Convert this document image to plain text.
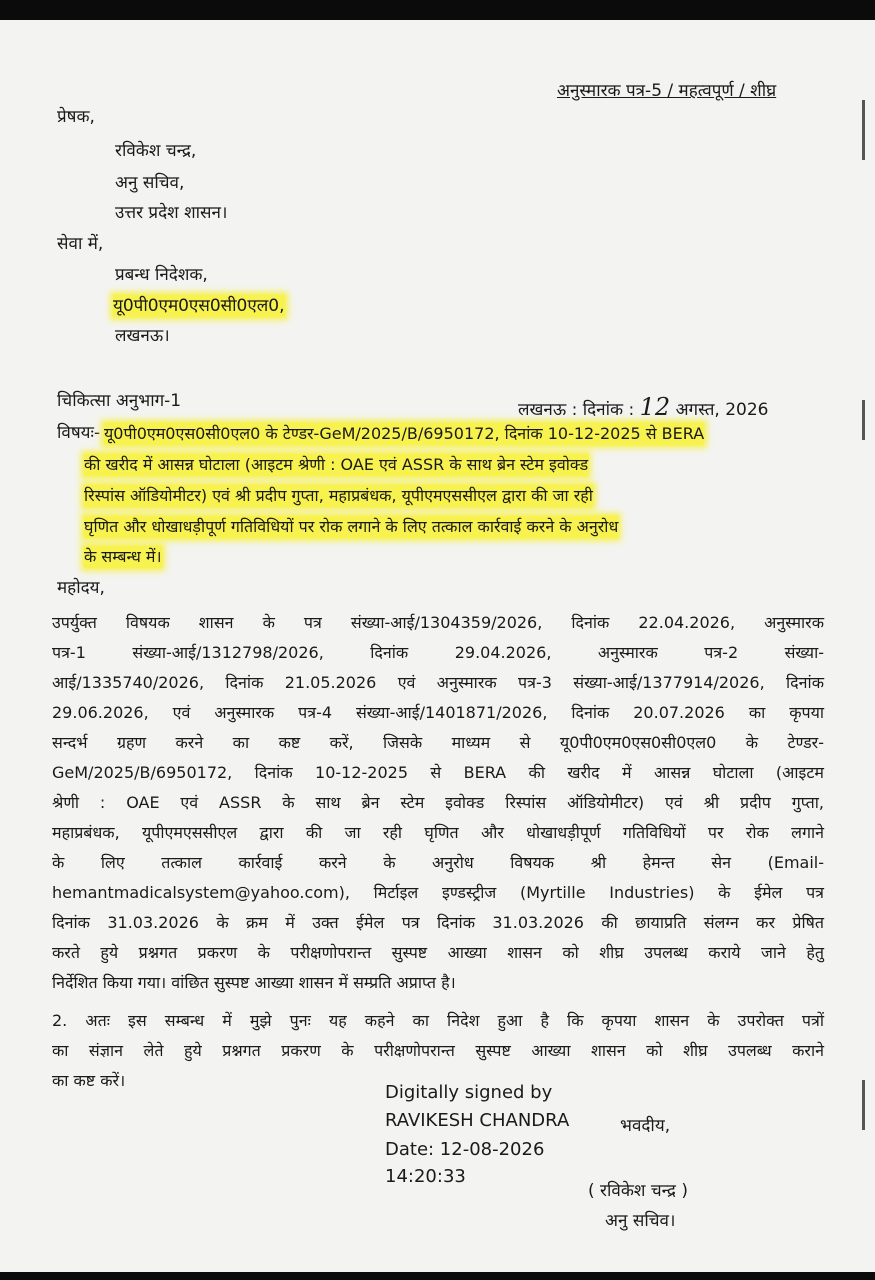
अनुस्मारक पत्र-5 / महत्वपूर्ण / शीघ्र
प्रेषक,
रविकेश चन्द्र,
अनु सचिव,
उत्तर प्रदेश शासन।
सेवा में,
प्रबन्ध निदेशक,
यू0पी0एम0एस0सी0एल0,
लखनऊ।
चिकित्सा अनुभाग-1	लखनऊ : दिनांक : 12 अगस्त, 2026
विषयः- यू0पी0एम0एस0सी0एल0 के टेण्डर-GeM/2025/B/6950172, दिनांक 10-12-2025 से BERA
की खरीद में आसन्न घोटाला (आइटम श्रेणी : OAE एवं ASSR के साथ ब्रेन स्टेम इवोक्ड
रिस्पांस ऑडियोमीटर) एवं श्री प्रदीप गुप्ता, महाप्रबंधक, यूपीएमएससीएल द्वारा की जा रही
घृणित और धोखाधड़ीपूर्ण गतिविधियों पर रोक लगाने के लिए तत्काल कार्रवाई करने के अनुरोध
के सम्बन्ध में।
महोदय,
उपर्युक्त विषयक शासन के पत्र संख्या-आई/1304359/2026, दिनांक 22.04.2026, अनुस्मारक
पत्र-1 संख्या-आई/1312798/2026, दिनांक 29.04.2026, अनुस्मारक पत्र-2 संख्या-
आई/1335740/2026, दिनांक 21.05.2026 एवं अनुस्मारक पत्र-3 संख्या-आई/1377914/2026, दिनांक
29.06.2026, एवं अनुस्मारक पत्र-4 संख्या-आई/1401871/2026, दिनांक 20.07.2026 का कृपया
सन्दर्भ ग्रहण करने का कष्ट करें, जिसके माध्यम से यू0पी0एम0एस0सी0एल0 के टेण्डर-
GeM/2025/B/6950172, दिनांक 10-12-2025 से BERA की खरीद में आसन्न घोटाला (आइटम
श्रेणी : OAE एवं ASSR के साथ ब्रेन स्टेम इवोक्ड रिस्पांस ऑडियोमीटर) एवं श्री प्रदीप गुप्ता,
महाप्रबंधक, यूपीएमएससीएल द्वारा की जा रही घृणित और धोखाधड़ीपूर्ण गतिविधियों पर रोक लगाने
के लिए तत्काल कार्रवाई करने के अनुरोध विषयक श्री हेमन्त सेन (Email-
hemantmadicalsystem@yahoo.com), मिर्टाइल इण्डस्ट्रीज (Myrtille Industries) के ईमेल पत्र
दिनांक 31.03.2026 के क्रम में उक्त ईमेल पत्र दिनांक 31.03.2026 की छायाप्रति संलग्न कर प्रेषित
करते हुये प्रश्नगत प्रकरण के परीक्षणोपरान्त सुस्पष्ट आख्या शासन को शीघ्र उपलब्ध कराये जाने हेतु
निर्देशित किया गया। वांछित सुस्पष्ट आख्या शासन में सम्प्रति अप्राप्त है।
2. अतः इस सम्बन्ध में मुझे पुनः यह कहने का निदेश हुआ है कि कृपया शासन के उपरोक्त पत्रों
का संज्ञान लेते हुये प्रश्नगत प्रकरण के परीक्षणोपरान्त सुस्पष्ट आख्या शासन को शीघ्र उपलब्ध कराने
का कष्ट करें।
Digitally signed by
RAVIKESH CHANDRA
Date: 12-08-2026
14:20:33
भवदीय,
( रविकेश चन्द्र )
अनु सचिव।
